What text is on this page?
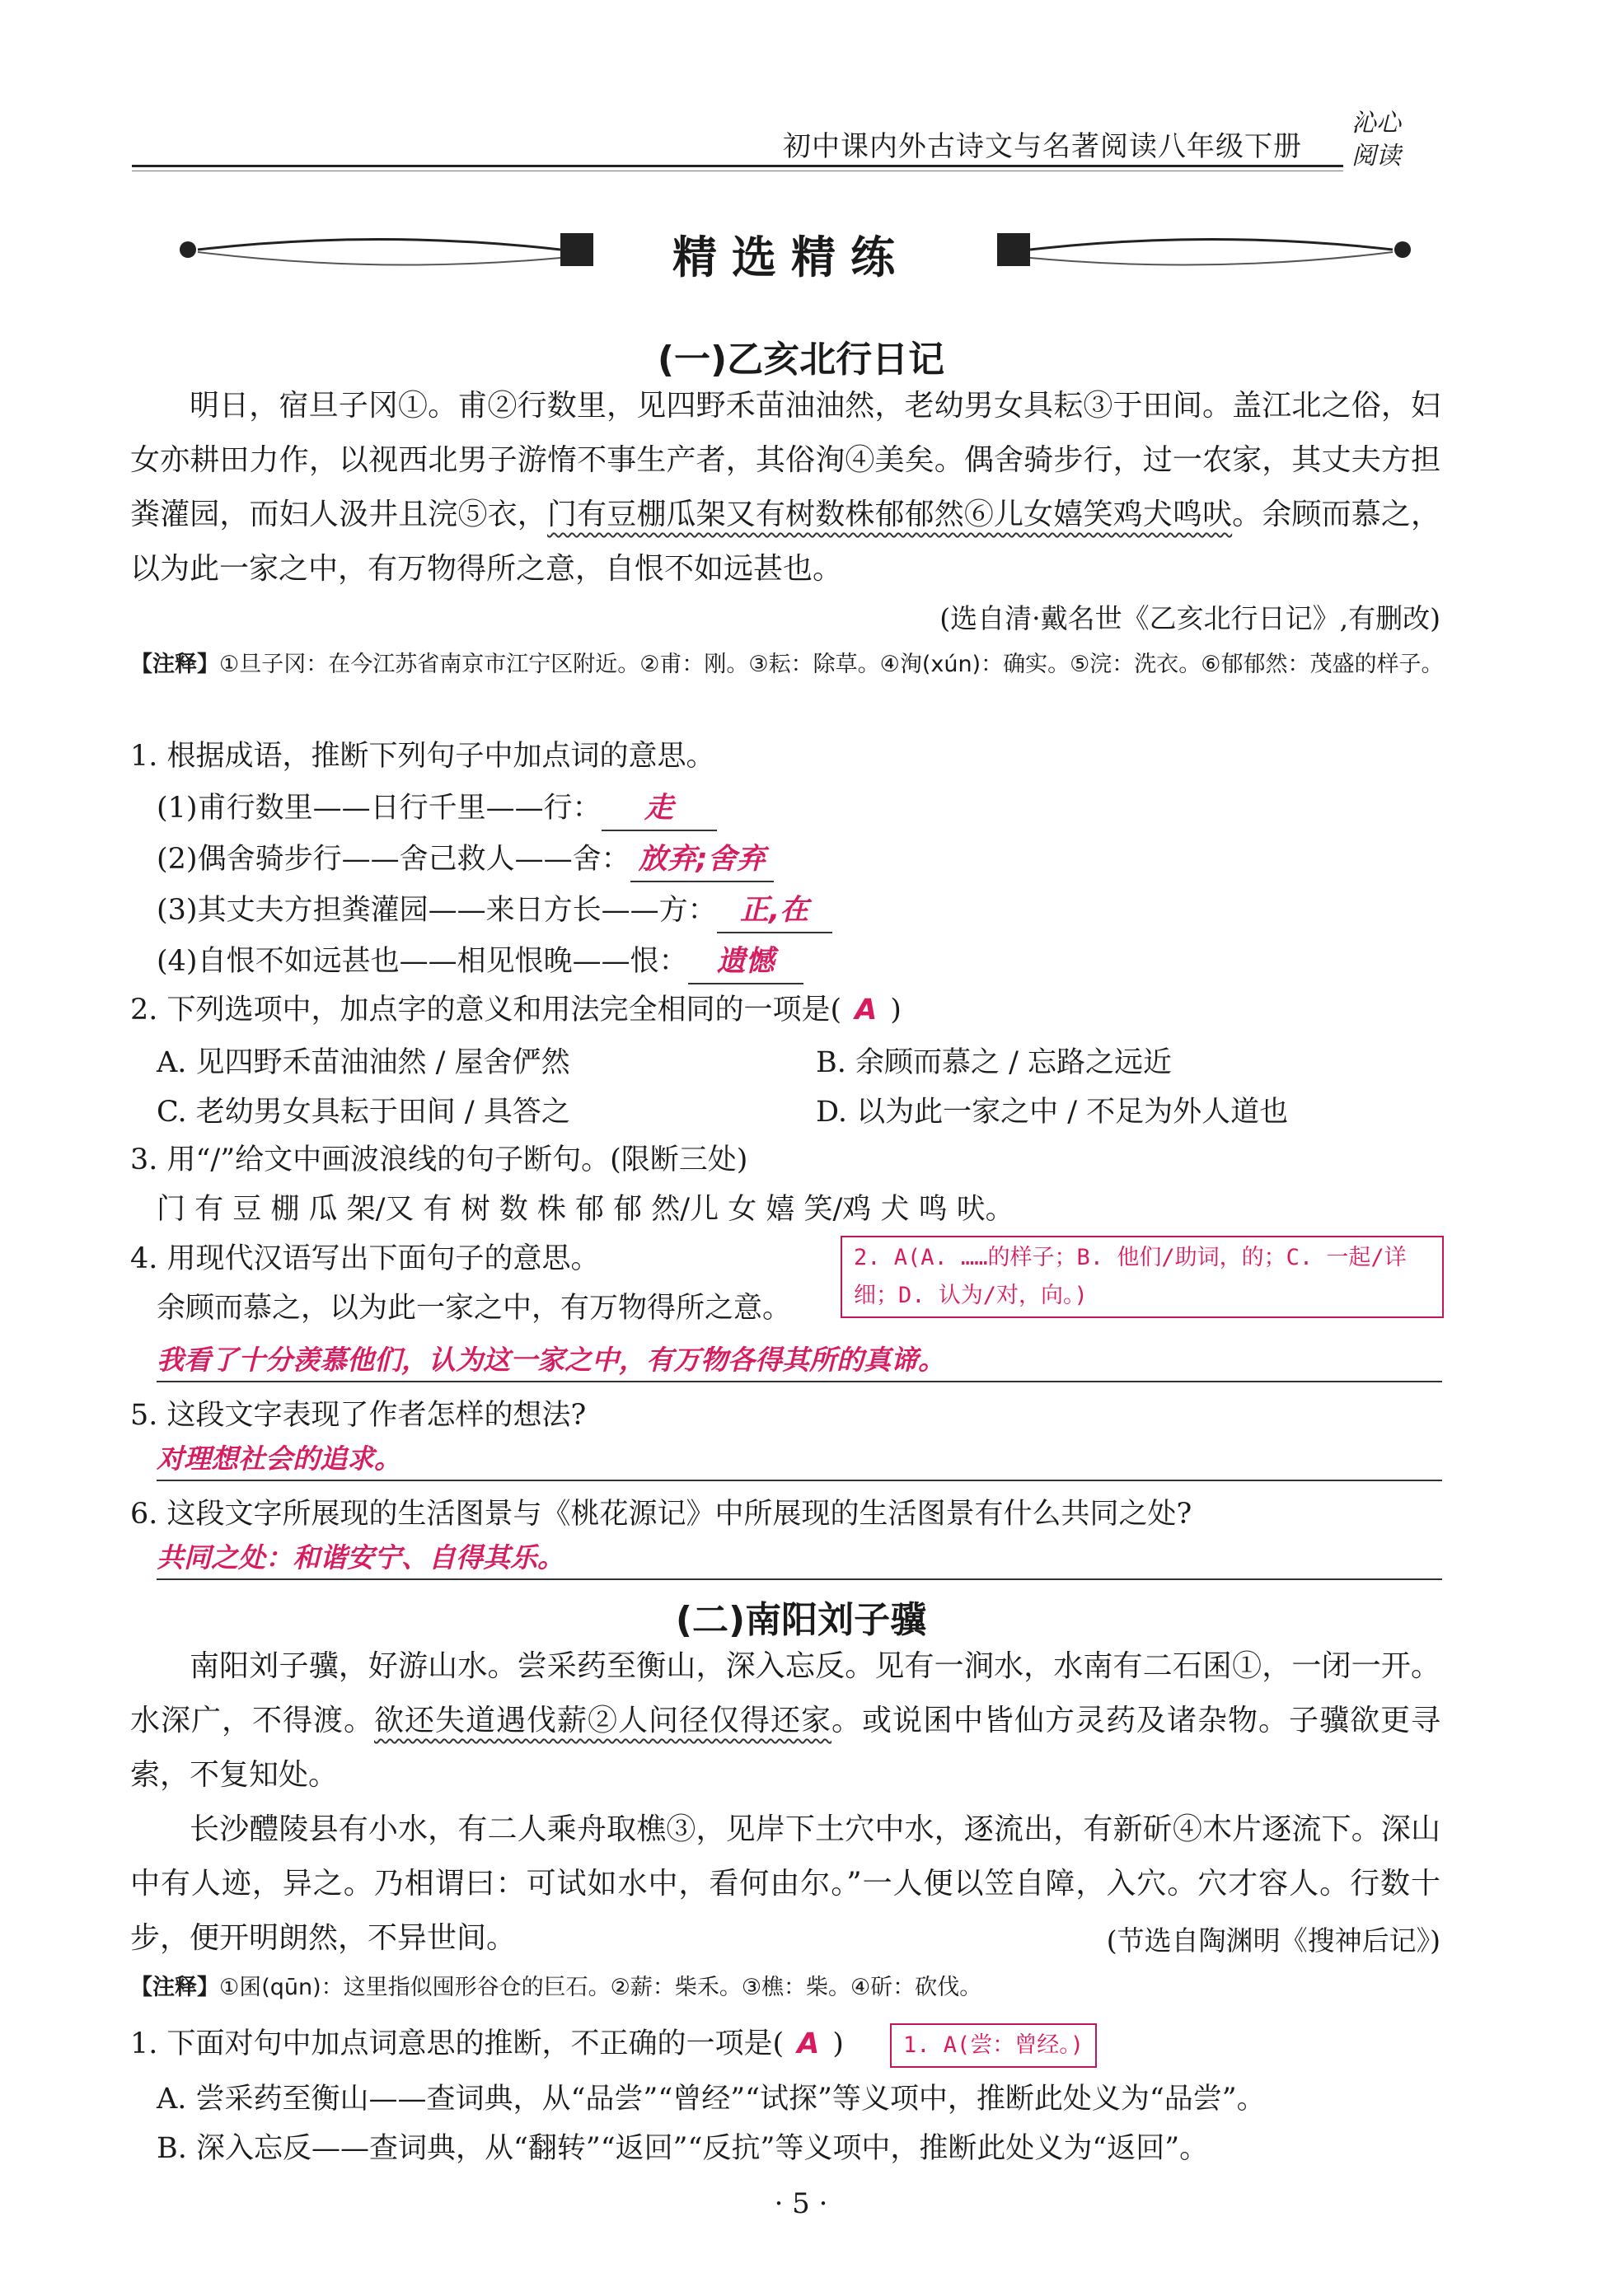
初中课内外古诗文与名著阅读八年级下册
沁心
阅读
精选精练
(一)乙亥北行日记

明日，宿旦子冈①。甫②行数里，见四野禾苗油油然，老幼男女具耘③于田间。盖江北之俗，妇女亦耕田力作，以视西北男子游惰不事生产者，其俗洵④美矣。偶舍骑步行，过一农家，其丈夫方担粪灌园，而妇人汲井且浣⑤衣，门有豆棚瓜架又有树数株郁郁然⑥儿女嬉笑鸡犬鸣吠。余顾而慕之，以为此一家之中，有万物得所之意，自恨不如远甚也。

(选自清·戴名世《乙亥北行日记》,有删改)
【注释】①旦子冈：在今江苏省南京市江宁区附近。②甫：刚。③耘：除草。④洵(xún)：确实。⑤浣：洗衣。⑥郁郁然：茂盛的样子。
1. 根据成语，推断下列句子中加点词的意思。
(1)甫行数里——日行千里——行： 走
(2)偶舍骑步行——舍己救人——舍： 放弃;舍弃
(3)其丈夫方担粪灌园——来日方长——方： 正,在
(4)自恨不如远甚也——相见恨晚——恨： 遗憾
2. 下列选项中，加点字的意义和用法完全相同的一项是( A )
A. 见四野禾苗油油然 / 屋舍俨然	B. 余顾而慕之 / 忘路之远近
C. 老幼男女具耘于田间 / 具答之	D. 以为此一家之中 / 不足为外人道也
3. 用“/”给文中画波浪线的句子断句。(限断三处)
门 有 豆 棚 瓜 架/又 有 树 数 株 郁 郁 然/儿 女 嬉 笑/鸡 犬 鸣 吠。
4. 用现代汉语写出下面句子的意思。
余顾而慕之，以为此一家之中，有万物得所之意。
2. A(A. ……的样子；B. 他们/助词，的；C. 一起/详细；D. 认为/对，向。)
我看了十分羡慕他们，认为这一家之中，有万物各得其所的真谛。
5. 这段文字表现了作者怎样的想法?
对理想社会的追求。
6. 这段文字所展现的生活图景与《桃花源记》中所展现的生活图景有什么共同之处?
共同之处：和谐安宁、自得其乐。
(二)南阳刘子骥

南阳刘子骥，好游山水。尝采药至衡山，深入忘反。见有一涧水，水南有二石囷①，一闭一开。水深广，不得渡。欲还失道遇伐薪②人问径仅得还家。或说囷中皆仙方灵药及诸杂物。子骥欲更寻索，不复知处。

长沙醴陵县有小水，有二人乘舟取樵③，见岸下土穴中水，逐流出，有新斫④木片逐流下。深山中有人迹，异之。乃相谓曰：可试如水中，看何由尔。”一人便以笠自障，入穴。穴才容人。行数十步，便开明朗然，不异世间。	(节选自陶渊明《搜神后记》)
【注释】①囷(qūn)：这里指似囤形谷仓的巨石。②薪：柴禾。③樵：柴。④斫：砍伐。
1. 下面对句中加点词意思的推断，不正确的一项是( A )	1. A(尝：曾经。)
A. 尝采药至衡山——查词典，从“品尝”“曾经”“试探”等义项中，推断此处义为“品尝”。
B. 深入忘反——查词典，从“翻转”“返回”“反抗”等义项中，推断此处义为“返回”。
· 5 ·
